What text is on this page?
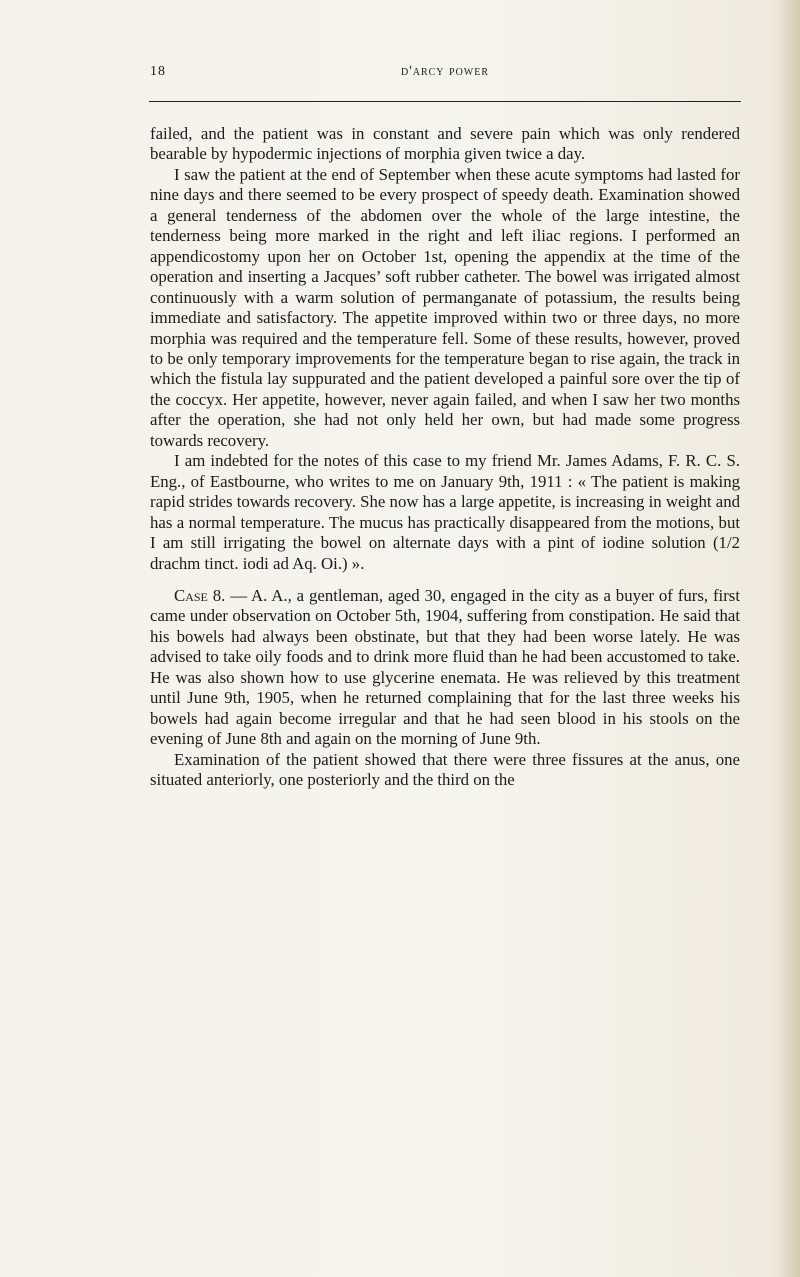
18	d'arcy power

failed, and the patient was in constant and severe pain which was only rendered bearable by hypodermic injections of morphia given twice a day.

I saw the patient at the end of September when these acute symptoms had lasted for nine days and there seemed to be every prospect of speedy death. Examination showed a general tenderness of the abdomen over the whole of the large intestine, the tenderness being more marked in the right and left iliac regions. I performed an appendicostomy upon her on October 1st, opening the appendix at the time of the operation and inserting a Jacques’ soft rubber catheter. The bowel was irrigated almost continuously with a warm solution of permanganate of potassium, the results being immediate and satisfactory. The appetite improved within two or three days, no more morphia was required and the temperature fell. Some of these results, however, proved to be only temporary improvements for the temperature began to rise again, the track in which the fistula lay suppurated and the patient developed a painful sore over the tip of the coccyx. Her appetite, however, never again failed, and when I saw her two months after the operation, she had not only held her own, but had made some progress towards recovery.

I am indebted for the notes of this case to my friend Mr. James Adams, F. R. C. S. Eng., of Eastbourne, who writes to me on January 9th, 1911 : « The patient is making rapid strides towards recovery. She now has a large appetite, is increasing in weight and has a normal temperature. The mucus has practically disappeared from the motions, but I am still irrigating the bowel on alternate days with a pint of iodine solution (1/2 drachm tinct. iodi ad Aq. Oi.) ».

Case 8. — A. A., a gentleman, aged 30, engaged in the city as a buyer of furs, first came under observation on October 5th, 1904, suffering from constipation. He said that his bowels had always been obstinate, but that they had been worse lately. He was advised to take oily foods and to drink more fluid than he had been accustomed to take. He was also shown how to use glycerine enemata. He was relieved by this treatment until June 9th, 1905, when he returned complaining that for the last three weeks his bowels had again become irregular and that he had seen blood in his stools on the evening of June 8th and again on the morning of June 9th.

Examination of the patient showed that there were three fissures at the anus, one situated anteriorly, one posteriorly and the third on the
